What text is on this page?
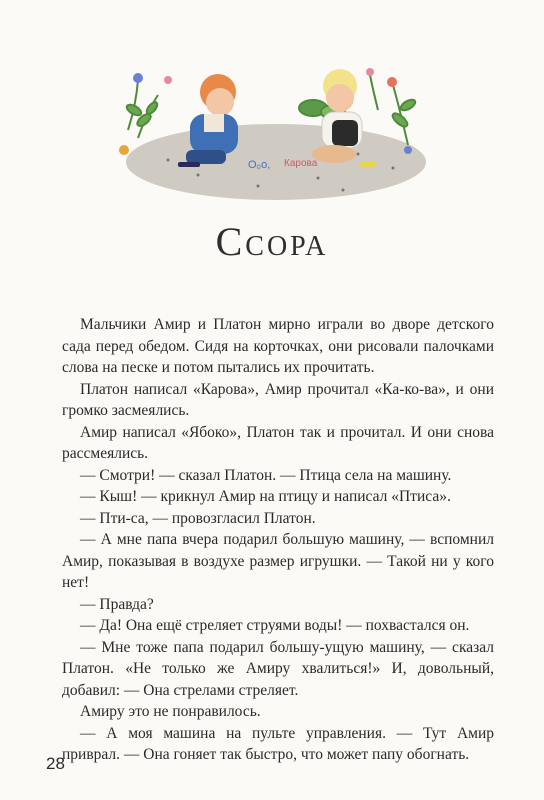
О₀о, Карова
Ссора

Мальчики Амир и Платон мирно играли во дворе детского сада перед обедом. Сидя на корточках, они рисовали палочками слова на песке и потом пытались их прочитать.

Платон написал «Карова», Амир прочитал «Ка-ко-ва», и они громко засмеялись.

Амир написал «Ябоко», Платон так и прочитал. И они снова рассмеялись.

— Смотри! — сказал Платон. — Птица села на машину.

— Кыш! — крикнул Амир на птицу и написал «Птиса».

— Пти-са, — провозгласил Платон.

— А мне папа вчера подарил большую машину, — вспомнил Амир, показывая в воздухе размер игрушки. — Такой ни у кого нет!

— Правда?

— Да! Она ещё стреляет струями воды! — похвастался он.

— Мне тоже папа подарил большу-ущую машину, — сказал Платон. «Не только же Амиру хвалиться!» И, довольный, добавил: — Она стрелами стреляет.

Амиру это не понравилось.

— А моя машина на пульте управления. — Тут Амир приврал. — Она гоняет так быстро, что может папу обогнать.

28
